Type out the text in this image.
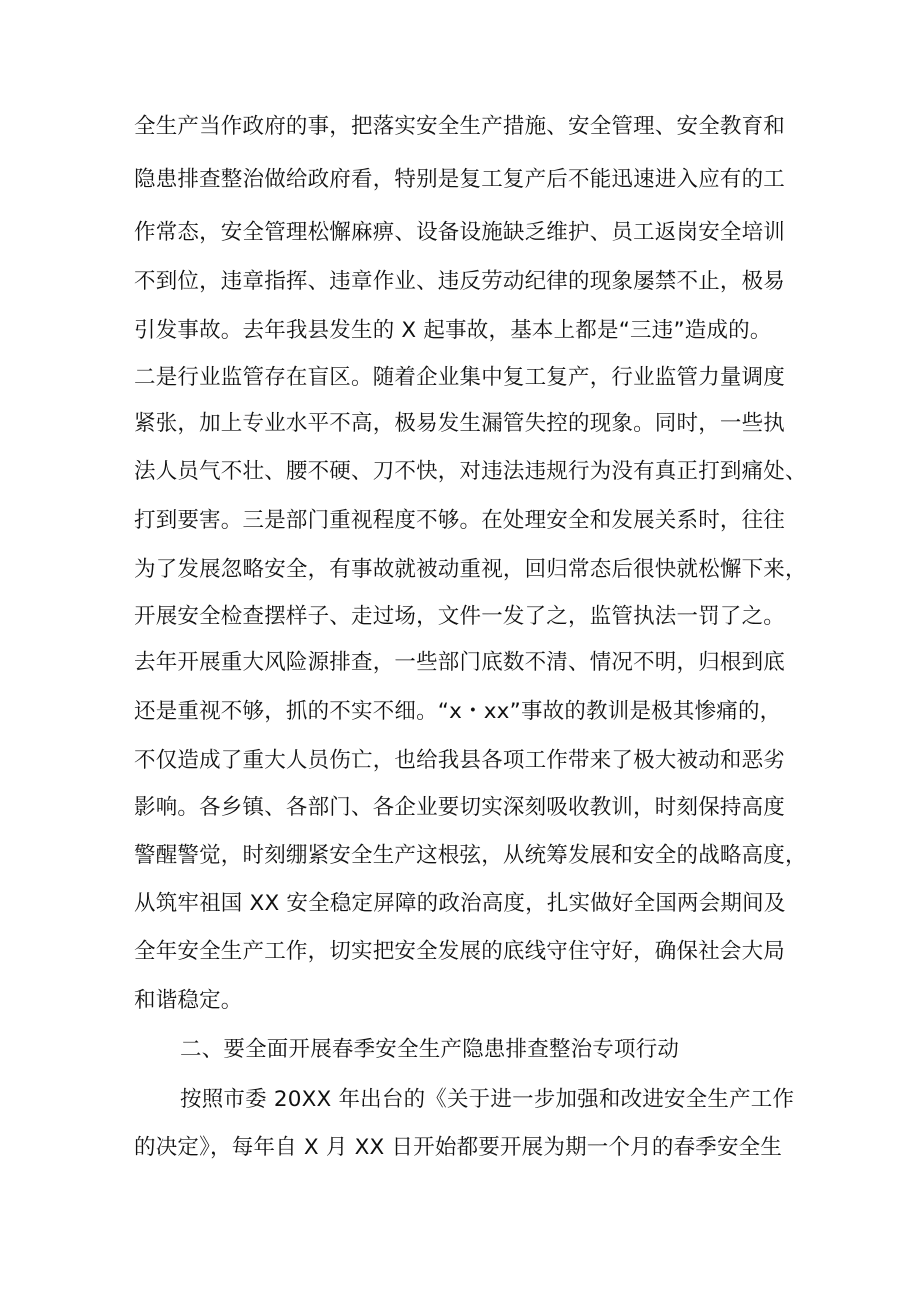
全生产当作政府的事，把落实安全生产措施、安全管理、安全教育和
隐患排查整治做给政府看，特别是复工复产后不能迅速进入应有的工
作常态，安全管理松懈麻痹、设备设施缺乏维护、员工返岗安全培训
不到位，违章指挥、违章作业、违反劳动纪律的现象屡禁不止，极易
引发事故。去年我县发生的 X 起事故，基本上都是“三违”造成的。
二是行业监管存在盲区。随着企业集中复工复产，行业监管力量调度
紧张，加上专业水平不高，极易发生漏管失控的现象。同时，一些执
法人员气不壮、腰不硬、刀不快，对违法违规行为没有真正打到痛处、
打到要害。三是部门重视程度不够。在处理安全和发展关系时，往往
为了发展忽略安全，有事故就被动重视，回归常态后很快就松懈下来，
开展安全检查摆样子、走过场，文件一发了之，监管执法一罚了之。
去年开展重大风险源排查，一些部门底数不清、情况不明，归根到底
还是重视不够，抓的不实不细。“x・xx”事故的教训是极其惨痛的，
不仅造成了重大人员伤亡，也给我县各项工作带来了极大被动和恶劣
影响。各乡镇、各部门、各企业要切实深刻吸收教训，时刻保持高度
警醒警觉，时刻绷紧安全生产这根弦，从统筹发展和安全的战略高度，
从筑牢祖国 XX 安全稳定屏障的政治高度，扎实做好全国两会期间及
全年安全生产工作，切实把安全发展的底线守住守好，确保社会大局
和谐稳定。
二、要全面开展春季安全生产隐患排查整治专项行动
按照市委 20XX 年出台的《关于进一步加强和改进安全生产工作
的决定》，每年自 X 月 XX 日开始都要开展为期一个月的春季安全生
